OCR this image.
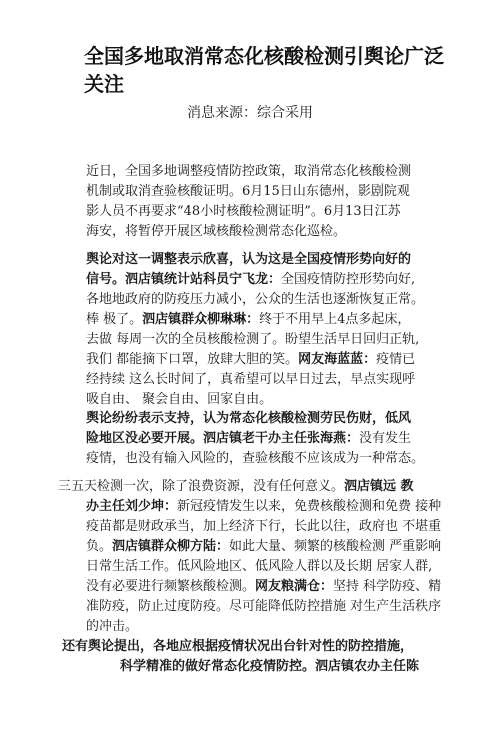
全国多地取消常态化核酸检测引舆论广泛关注
消息来源：综合采用
近日，全国多地调整疫情防控政策，取消常态化核酸检测
机制或取消查验核酸证明。6月15日山东德州，影剧院观
影人员不再要求“48小时核酸检测证明”。6月13日江苏
海安，将暂停开展区域核酸检测常态化巡检。
舆论对这一调整表示欣喜，认为这是全国疫情形势向好的
信号。泗店镇统计站科员宁飞龙：全国疫情防控形势向好,
各地地政府的防疫压力减小，公众的生活也逐渐恢复正常。
棒 极了。泗店镇群众柳琳琳：终于不用早上4点多起床，
去做 每周一次的全员核酸检测了。盼望生活早日回归正轨,
我们 都能摘下口罩，放肆大胆的笑。网友海蓝蓝：疫情已
经持续 这么长时间了，真希望可以早日过去，早点实现呼
吸自由、 聚会自由、回家自由。
舆论纷纷表示支持，认为常态化核酸检测劳民伤财，低风
险地区没必要开展。泗店镇老干办主任张海燕：没有发生
疫情，也没有输入风险的，查验核酸不应该成为一种常态。
三五天检测一次，除了浪费资源，没有任何意义。泗店镇远 教
办主任刘少坤：新冠疫情发生以来，免费核酸检测和免费 接种
疫苗都是财政承当，加上经济下行，长此以往，政府也 不堪重
负。泗店镇群众柳方陆：如此大量、频繁的核酸检测 严重影响
日常生活工作。低风险地区、低风险人群以及长期 居家人群,
没有必要进行频繁核酸检测。网友粮满仓：坚持 科学防疫、精
准防疫，防止过度防疫。尽可能降低防控措施 对生产生活秩序
的冲击。
还有舆论提出，各地应根据疫情状况出台针对性的防控措施，
科学精准的做好常态化疫情防控。泗店镇农办主任陈
